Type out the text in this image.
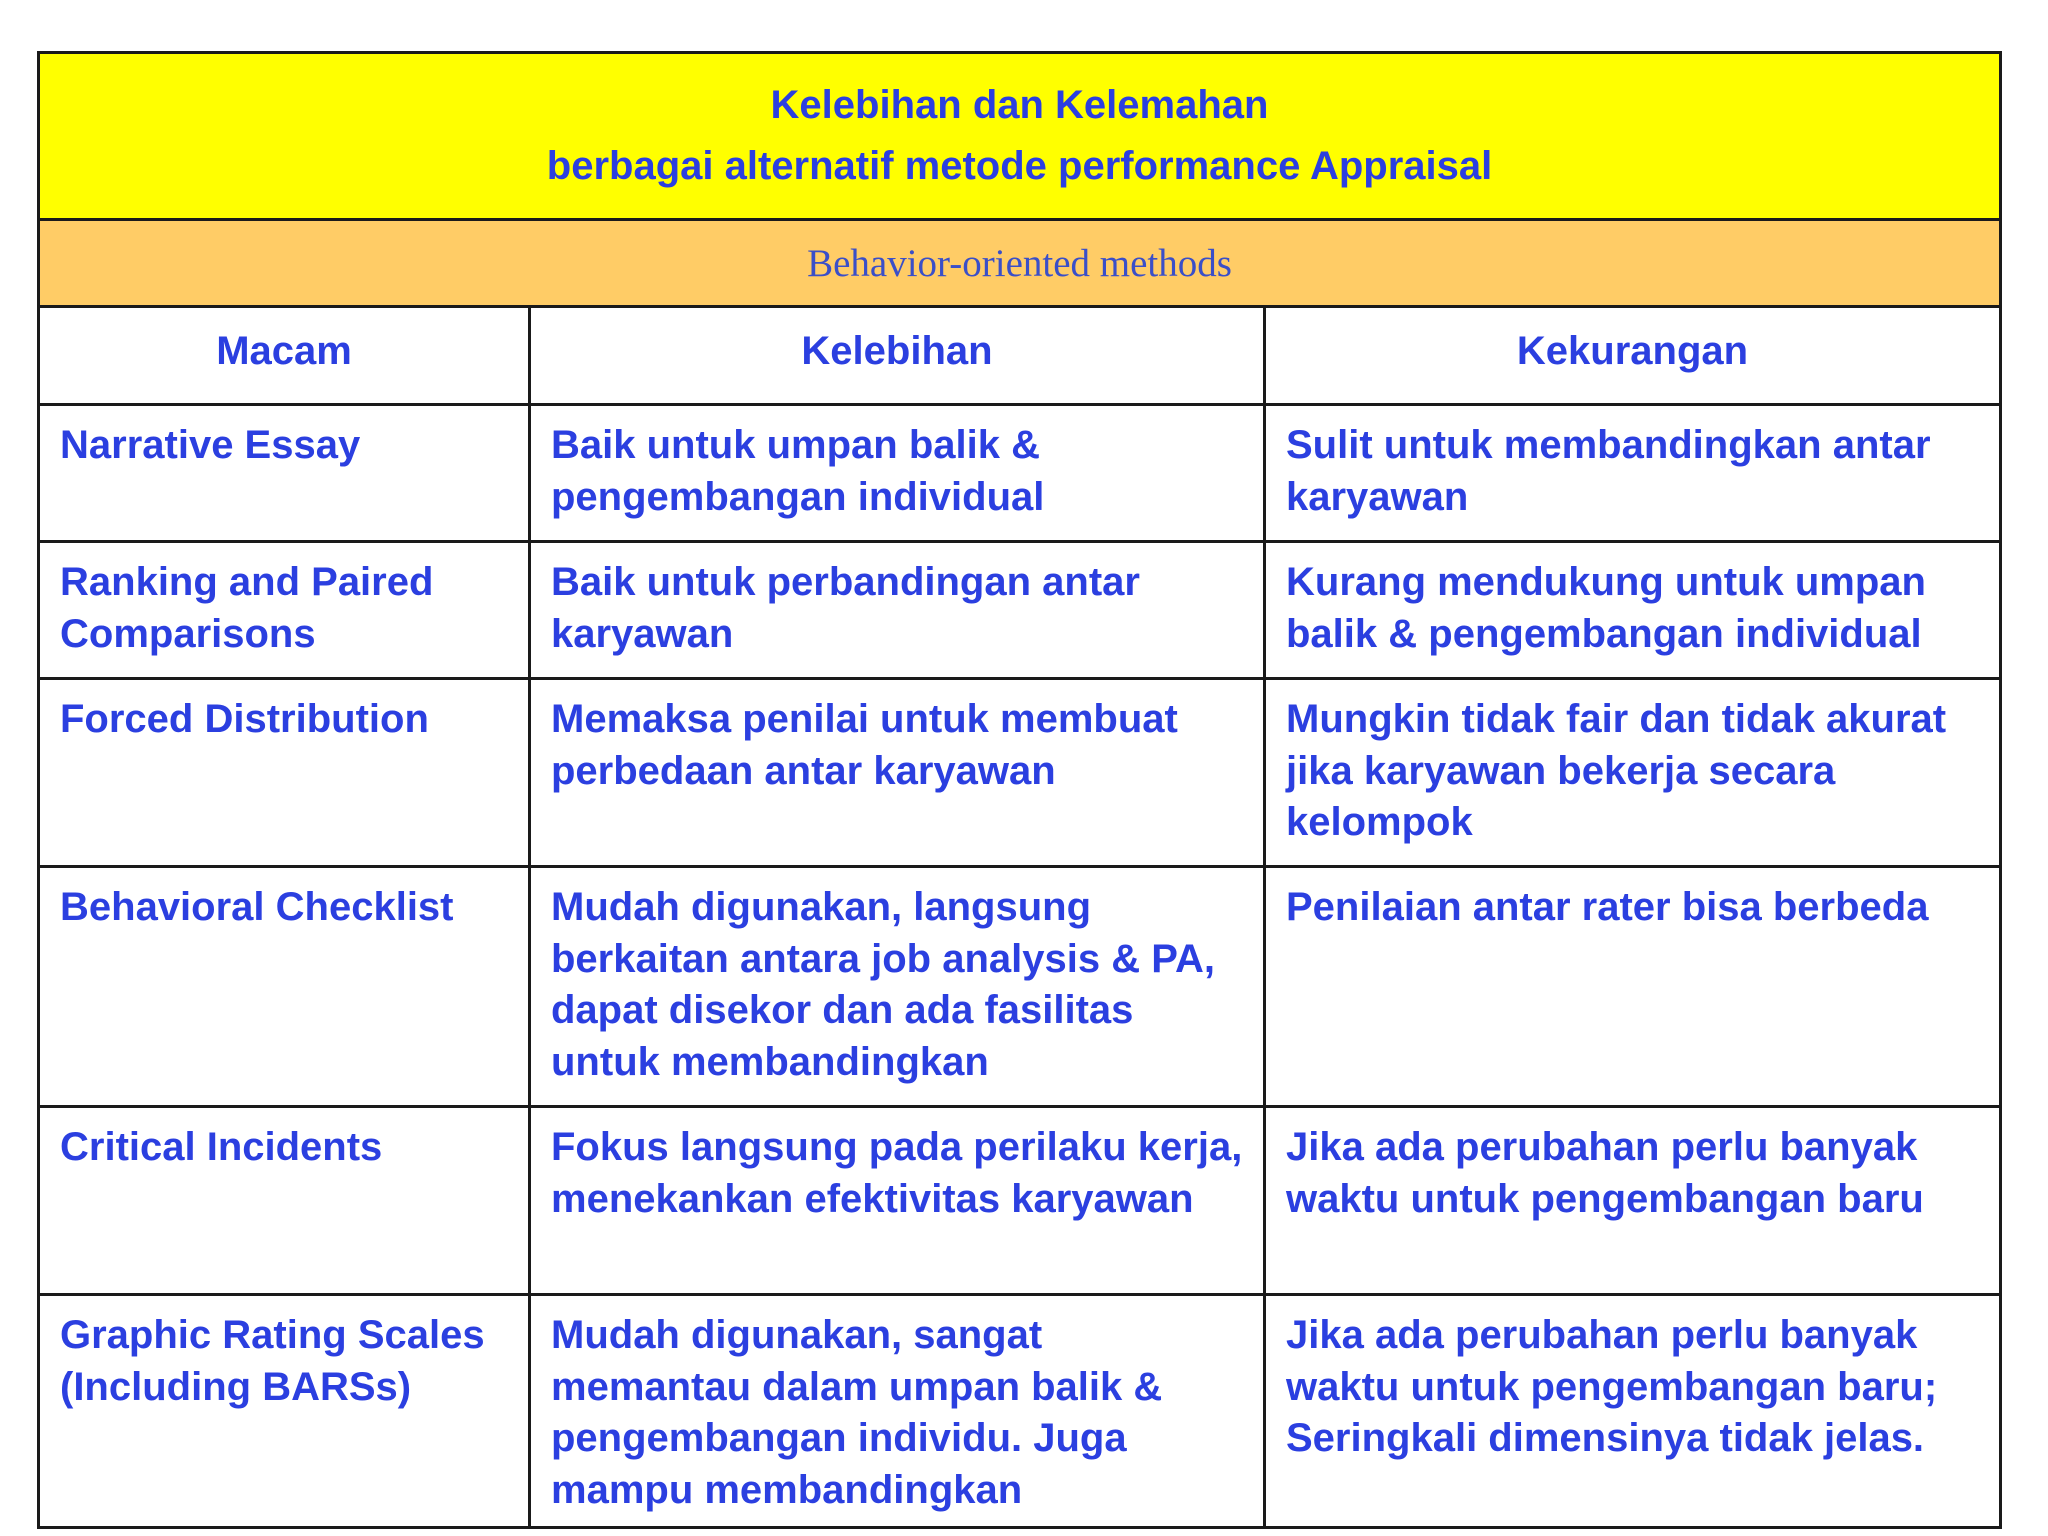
Kelebihan dan Kelemahan
berbagai alternatif metode performance Appraisal		

Behavior-oriented methods		
Macam	Kelebihan	Kekurangan
Narrative Essay	Baik untuk umpan balik & pengembangan individual	Sulit untuk membandingkan antar karyawan
Ranking and Paired Comparisons	Baik untuk perbandingan antar karyawan	Kurang mendukung untuk umpan balik & pengembangan individual
Forced Distribution	Memaksa penilai untuk membuat perbedaan antar karyawan	Mungkin tidak fair dan tidak akurat jika karyawan bekerja secara kelompok
Behavioral Checklist	Mudah digunakan, langsung berkaitan antara job analysis & PA, dapat disekor dan ada fasilitas untuk membandingkan	Penilaian antar rater bisa berbeda
Critical Incidents	Fokus langsung pada perilaku kerja, menekankan efektivitas karyawan	Jika ada perubahan perlu banyak waktu untuk pengembangan baru
Graphic Rating Scales (Including BARSs)	Mudah digunakan, sangat memantau dalam umpan balik & pengembangan individu. Juga mampu membandingkan	Jika ada perubahan perlu banyak waktu untuk pengembangan baru; Seringkali dimensinya tidak jelas.
